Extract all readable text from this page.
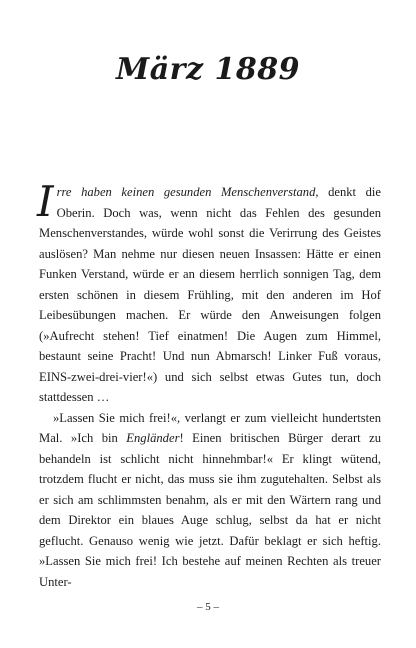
März 1889

Irre haben keinen gesunden Menschenverstand, denkt die Oberin. Doch was, wenn nicht das Fehlen des gesunden Menschenverstandes, würde wohl sonst die Verirrung des Geistes auslösen? Man nehme nur diesen neuen Insassen: Hätte er einen Funken Verstand, würde er an diesem herrlich sonnigen Tag, dem ersten schönen in diesem Frühling, mit den anderen im Hof Leibesübungen machen. Er würde den Anweisungen folgen (»Aufrecht stehen! Tief einatmen! Die Augen zum Himmel, bestaunt seine Pracht! Und nun Abmarsch! Linker Fuß voraus, EINS-zwei-drei-vier!«) und sich selbst etwas Gutes tun, doch stattdessen …

»Lassen Sie mich frei!«, verlangt er zum vielleicht hundertsten Mal. »Ich bin Engländer! Einen britischen Bürger derart zu behandeln ist schlicht nicht hinnehmbar!« Er klingt wütend, trotzdem flucht er nicht, das muss sie ihm zugutehalten. Selbst als er sich am schlimmsten benahm, als er mit den Wärtern rang und dem Direktor ein blaues Auge schlug, selbst da hat er nicht geflucht. Genauso wenig wie jetzt. Dafür beklagt er sich heftig. »Lassen Sie mich frei! Ich bestehe auf meinen Rechten als treuer Unter-

– 5 –
